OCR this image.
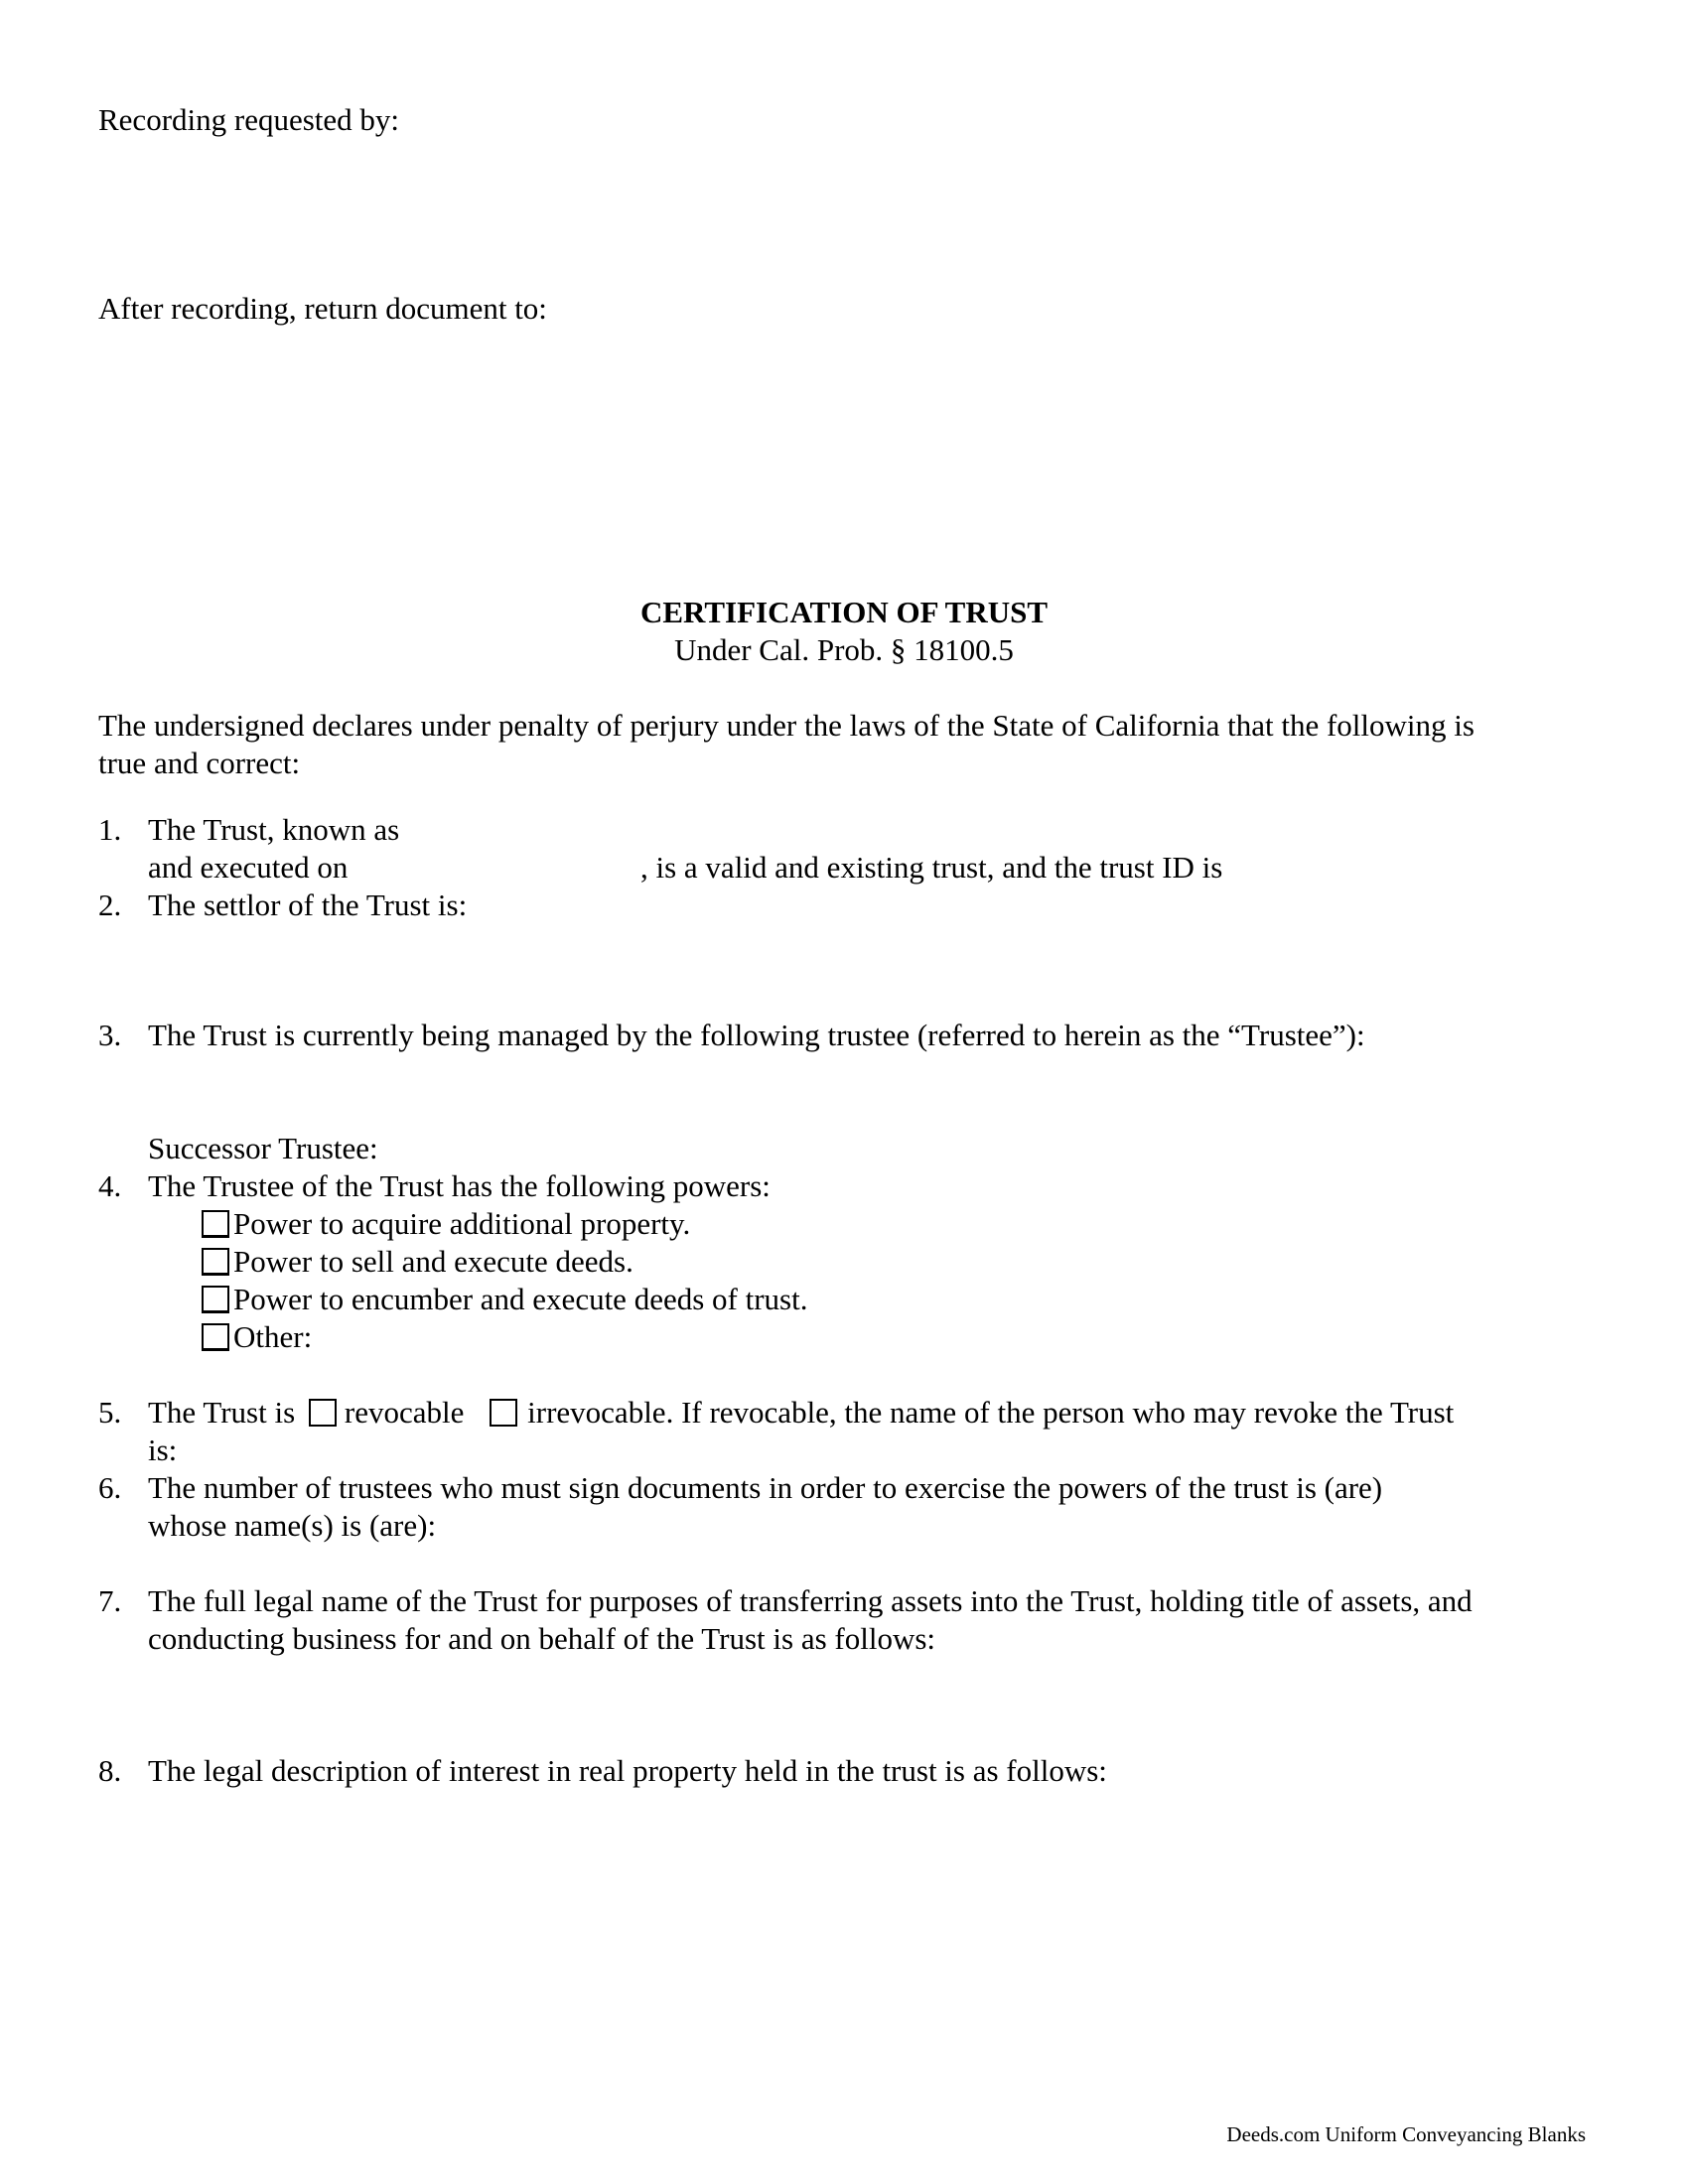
Recording requested by:
After recording, return document to:
CERTIFICATION OF TRUST
Under Cal. Prob. § 18100.5
The undersigned declares under penalty of perjury under the laws of the State of California that the following is
true and correct:
1. The Trust, known as
and executed on	, is a valid and existing trust, and the trust ID is
2. The settlor of the Trust is:
3. The Trust is currently being managed by the following trustee (referred to herein as the “Trustee”):
Successor Trustee:
4. The Trustee of the Trust has the following powers:
Power to acquire additional property.
Power to sell and execute deeds.
Power to encumber and execute deeds of trust.
Other:
5. The Trust is revocable irrevocable. If revocable, the name of the person who may revoke the Trust
is:
6. The number of trustees who must sign documents in order to exercise the powers of the trust is (are)
whose name(s) is (are):
7. The full legal name of the Trust for purposes of transferring assets into the Trust, holding title of assets, and
conducting business for and on behalf of the Trust is as follows:
8. The legal description of interest in real property held in the trust is as follows:
Deeds.com Uniform Conveyancing Blanks
